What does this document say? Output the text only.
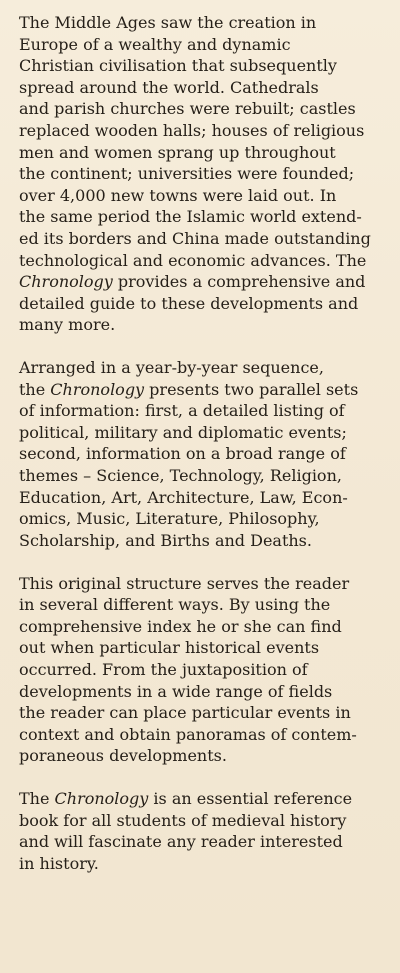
The Middle Ages saw the creation in
Europe of a wealthy and dynamic
Christian civilisation that subsequently
spread around the world. Cathedrals
and parish churches were rebuilt; castles
replaced wooden halls; houses of religious
men and women sprang up throughout
the continent; universities were founded;
over 4,000 new towns were laid out. In
the same period the Islamic world extend-
ed its borders and China made outstanding
technological and economic advances. The
Chronology provides a comprehensive and
detailed guide to these developments and
many more.
Arranged in a year-by-year sequence,
the Chronology presents two parallel sets
of information: first, a detailed listing of
political, military and diplomatic events;
second, information on a broad range of
themes – Science, Technology, Religion,
Education, Art, Architecture, Law, Econ-
omics, Music, Literature, Philosophy,
Scholarship, and Births and Deaths.
This original structure serves the reader
in several different ways. By using the
comprehensive index he or she can find
out when particular historical events
occurred. From the juxtaposition of
developments in a wide range of fields
the reader can place particular events in
context and obtain panoramas of contem-
poraneous developments.
The Chronology is an essential reference
book for all students of medieval history
and will fascinate any reader interested
in history.
